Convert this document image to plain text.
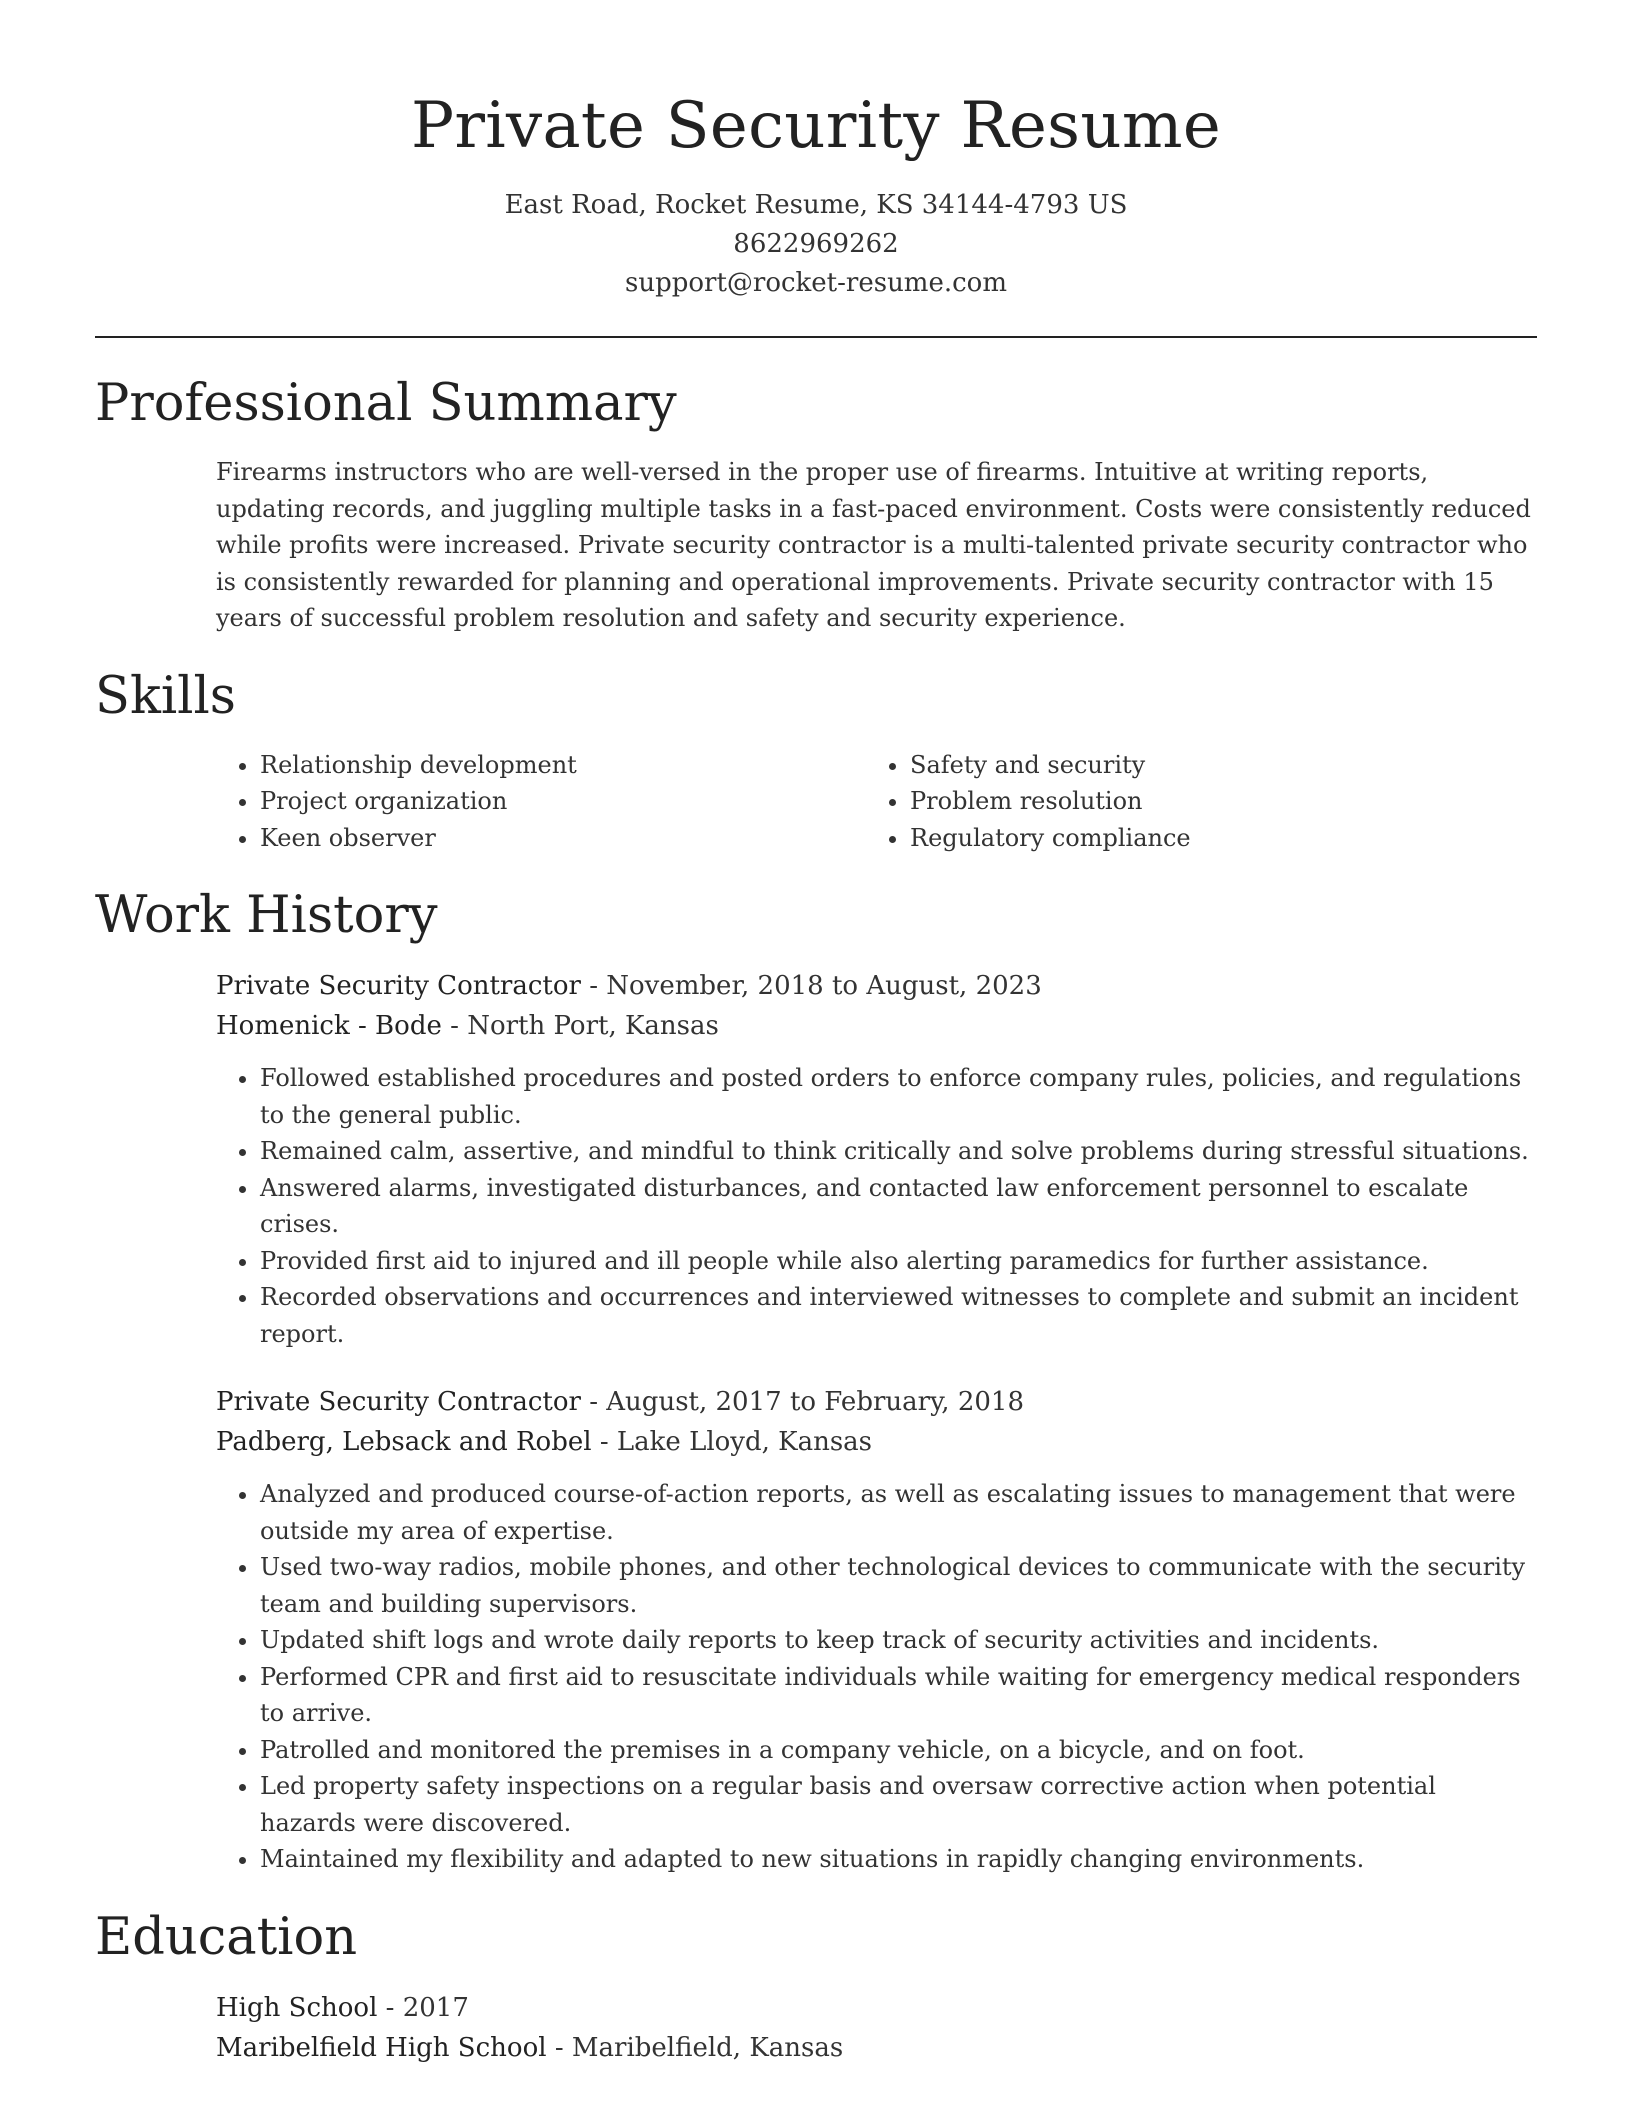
Private Security Resume
East Road, Rocket Resume, KS 34144-4793 US
8622969262
support@rocket-resume.com
Professional Summary
Firearms instructors who are well-versed in the proper use of firearms. Intuitive at writing reports, updating records, and juggling multiple tasks in a fast-paced environment. Costs were consistently reduced while profits were increased. Private security contractor is a multi-talented private security contractor who is consistently rewarded for planning and operational improvements. Private security contractor with 15 years of successful problem resolution and safety and security experience.
Skills
• Relationship development
• Project organization
• Keen observer
• Safety and security
• Problem resolution
• Regulatory compliance
Work History
Private Security Contractor - November, 2018 to August, 2023
Homenick - Bode - North Port, Kansas
• Followed established procedures and posted orders to enforce company rules, policies, and regulations to the general public.
• Remained calm, assertive, and mindful to think critically and solve problems during stressful situations.
• Answered alarms, investigated disturbances, and contacted law enforcement personnel to escalate crises.
• Provided first aid to injured and ill people while also alerting paramedics for further assistance.
• Recorded observations and occurrences and interviewed witnesses to complete and submit an incident report.
Private Security Contractor - August, 2017 to February, 2018
Padberg, Lebsack and Robel - Lake Lloyd, Kansas
• Analyzed and produced course-of-action reports, as well as escalating issues to management that were outside my area of expertise.
• Used two-way radios, mobile phones, and other technological devices to communicate with the security team and building supervisors.
• Updated shift logs and wrote daily reports to keep track of security activities and incidents.
• Performed CPR and first aid to resuscitate individuals while waiting for emergency medical responders to arrive.
• Patrolled and monitored the premises in a company vehicle, on a bicycle, and on foot.
• Led property safety inspections on a regular basis and oversaw corrective action when potential hazards were discovered.
• Maintained my flexibility and adapted to new situations in rapidly changing environments.
Education
High School - 2017
Maribelfield High School - Maribelfield, Kansas
